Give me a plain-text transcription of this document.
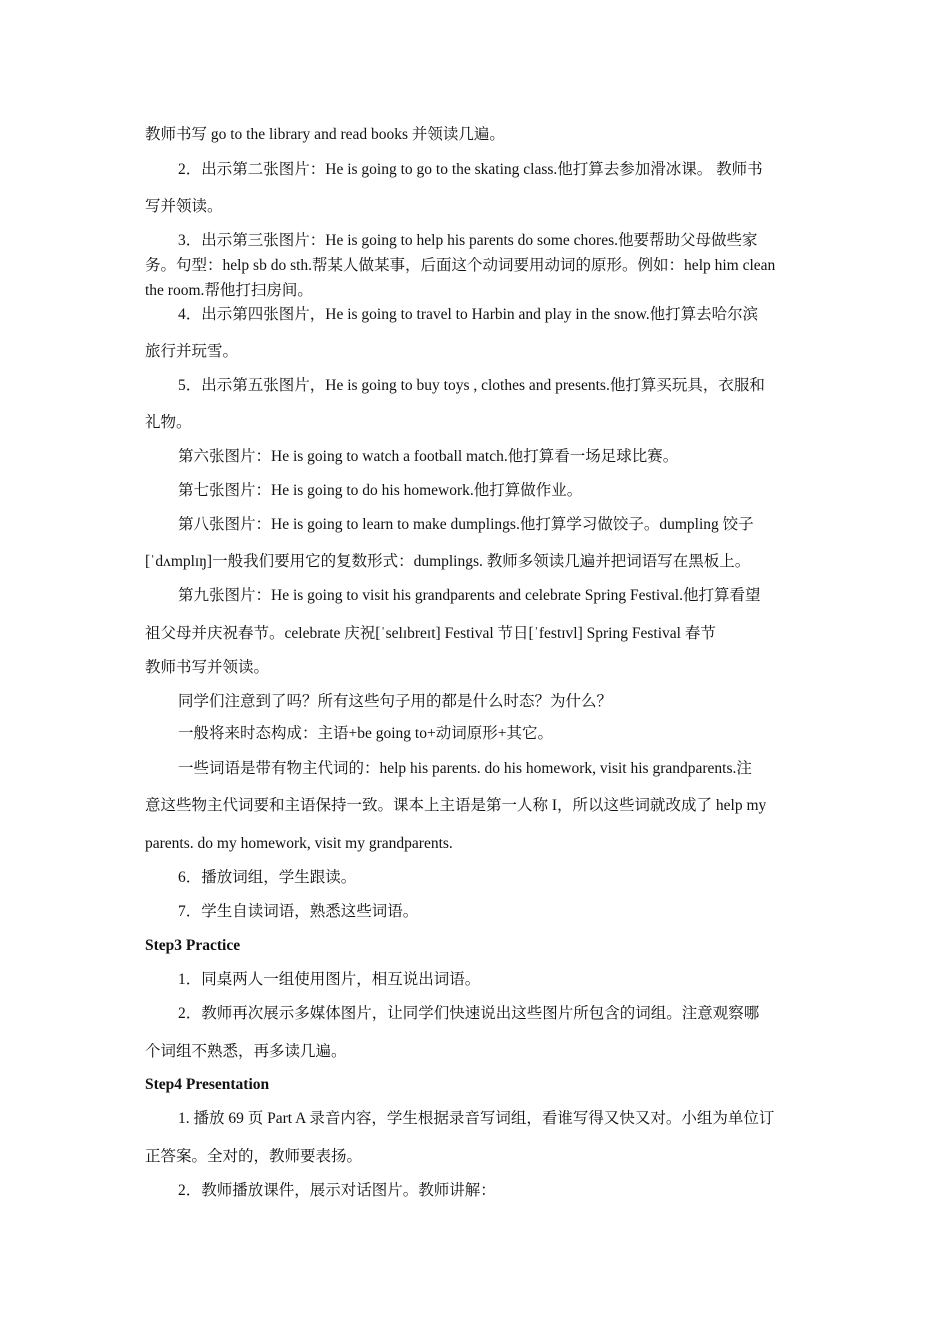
教师书写 go to the library and read books 并领读几遍。
2．出示第二张图片：He is going to go to the skating class.他打算去参加滑冰课。 教师书
写并领读。
3．出示第三张图片：He is going to help his parents do some chores.他要帮助父母做些家
务。句型：help sb do sth.帮某人做某事，后面这个动词要用动词的原形。例如：help him clean
the room.帮他打扫房间。
4．出示第四张图片，He is going to travel to Harbin and play in the snow.他打算去哈尔滨
旅行并玩雪。
5．出示第五张图片，He is going to buy toys , clothes and presents.他打算买玩具，衣服和
礼物。
第六张图片：He is going to watch a football match.他打算看一场足球比赛。
第七张图片：He is going to do his homework.他打算做作业。
第八张图片：He is going to learn to make dumplings.他打算学习做饺子。dumpling 饺子
[ˈdʌmplɪŋ]一般我们要用它的复数形式：dumplings. 教师多领读几遍并把词语写在黑板上。
第九张图片：He is going to visit his grandparents and celebrate Spring Festival.他打算看望
祖父母并庆祝春节。celebrate 庆祝[ˈselɪbreɪt] Festival 节日[ˈfestɪvl] Spring Festival 春节
教师书写并领读。
同学们注意到了吗？所有这些句子用的都是什么时态？为什么？
一般将来时态构成：主语+be going to+动词原形+其它。
一些词语是带有物主代词的：help his parents. do his homework, visit his grandparents.注
意这些物主代词要和主语保持一致。课本上主语是第一人称 I，所以这些词就改成了 help my
parents. do my homework, visit my grandparents.
6．播放词组，学生跟读。
7．学生自读词语，熟悉这些词语。
Step3 Practice
1．同桌两人一组使用图片，相互说出词语。
2．教师再次展示多媒体图片，让同学们快速说出这些图片所包含的词组。注意观察哪
个词组不熟悉，再多读几遍。
Step4 Presentation
1. 播放 69 页 Part A 录音内容，学生根据录音写词组，看谁写得又快又对。小组为单位订
正答案。全对的，教师要表扬。
2．教师播放课件，展示对话图片。教师讲解：
